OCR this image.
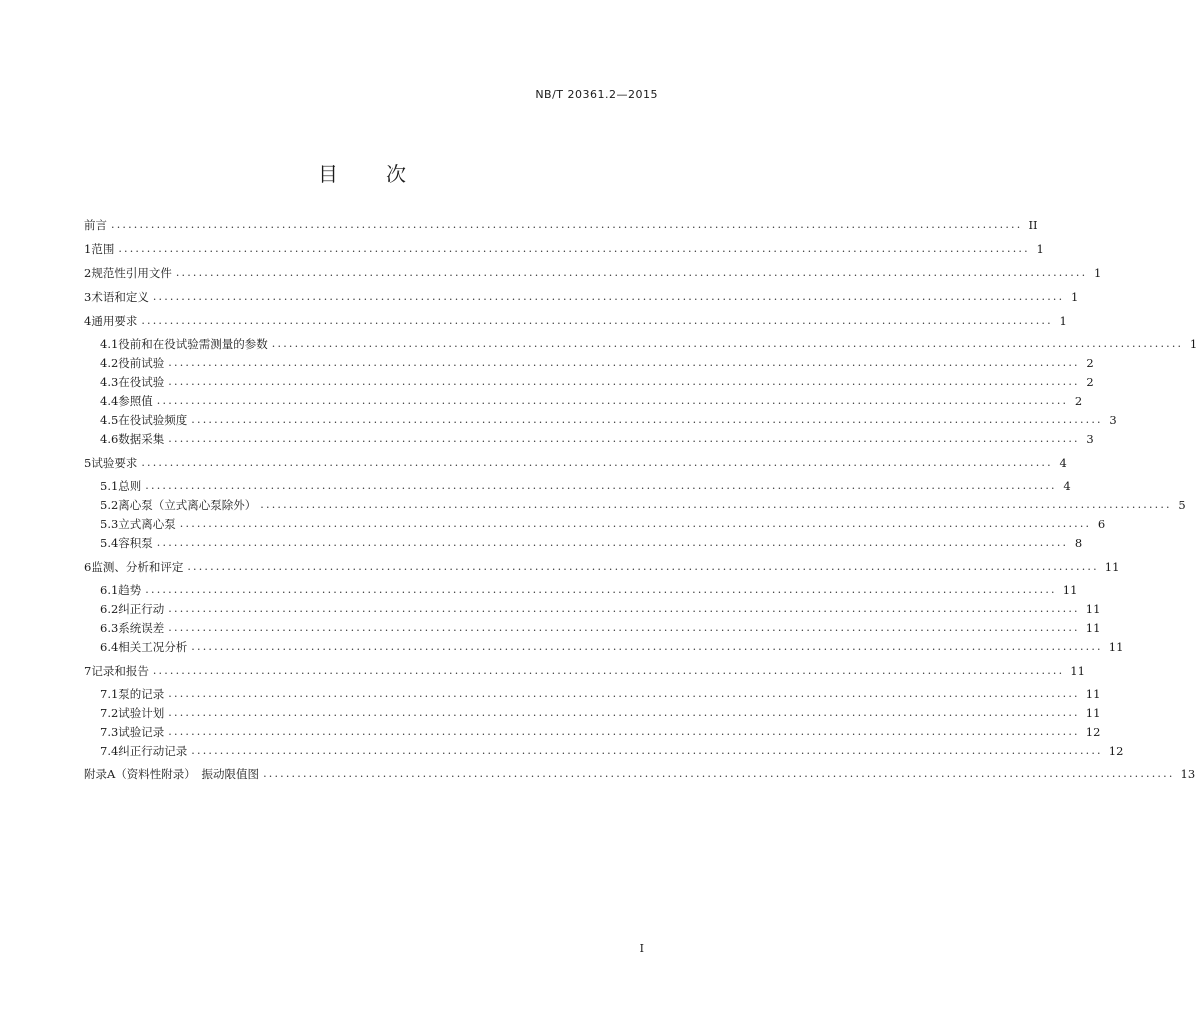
NB/T 20361.2—2015
目 次
前言 ................................................................................................................................................................ II
1 范围 ................................................................................................................................................................ 1
2 规范性引用文件 ................................................................................................................................................................ 1
3 术语和定义 ................................................................................................................................................................ 1
4 通用要求 ................................................................................................................................................................ 1
4.1 役前和在役试验需测量的参数 ................................................................................................................................................................ 1
4.2 役前试验 ................................................................................................................................................................ 2
4.3 在役试验 ................................................................................................................................................................ 2
4.4 参照值 ................................................................................................................................................................ 2
4.5 在役试验频度 ................................................................................................................................................................ 3
4.6 数据采集 ................................................................................................................................................................ 3
5 试验要求 ................................................................................................................................................................ 4
5.1 总则 ................................................................................................................................................................ 4
5.2 离心泵（立式离心泵除外） ................................................................................................................................................................ 5
5.3 立式离心泵 ................................................................................................................................................................ 6
5.4 容积泵 ................................................................................................................................................................ 8
6 监测、分析和评定 ................................................................................................................................................................ 11
6.1 趋势 ................................................................................................................................................................ 11
6.2 纠正行动 ................................................................................................................................................................ 11
6.3 系统误差 ................................................................................................................................................................ 11
6.4 相关工况分析 ................................................................................................................................................................ 11
7 记录和报告 ................................................................................................................................................................ 11
7.1 泵的记录 ................................................................................................................................................................ 11
7.2 试验计划 ................................................................................................................................................................ 11
7.3 试验记录 ................................................................................................................................................................ 12
7.4 纠正行动记录 ................................................................................................................................................................ 12
附录A（资料性附录）　振动限值图 ................................................................................................................................................................ 13
I
